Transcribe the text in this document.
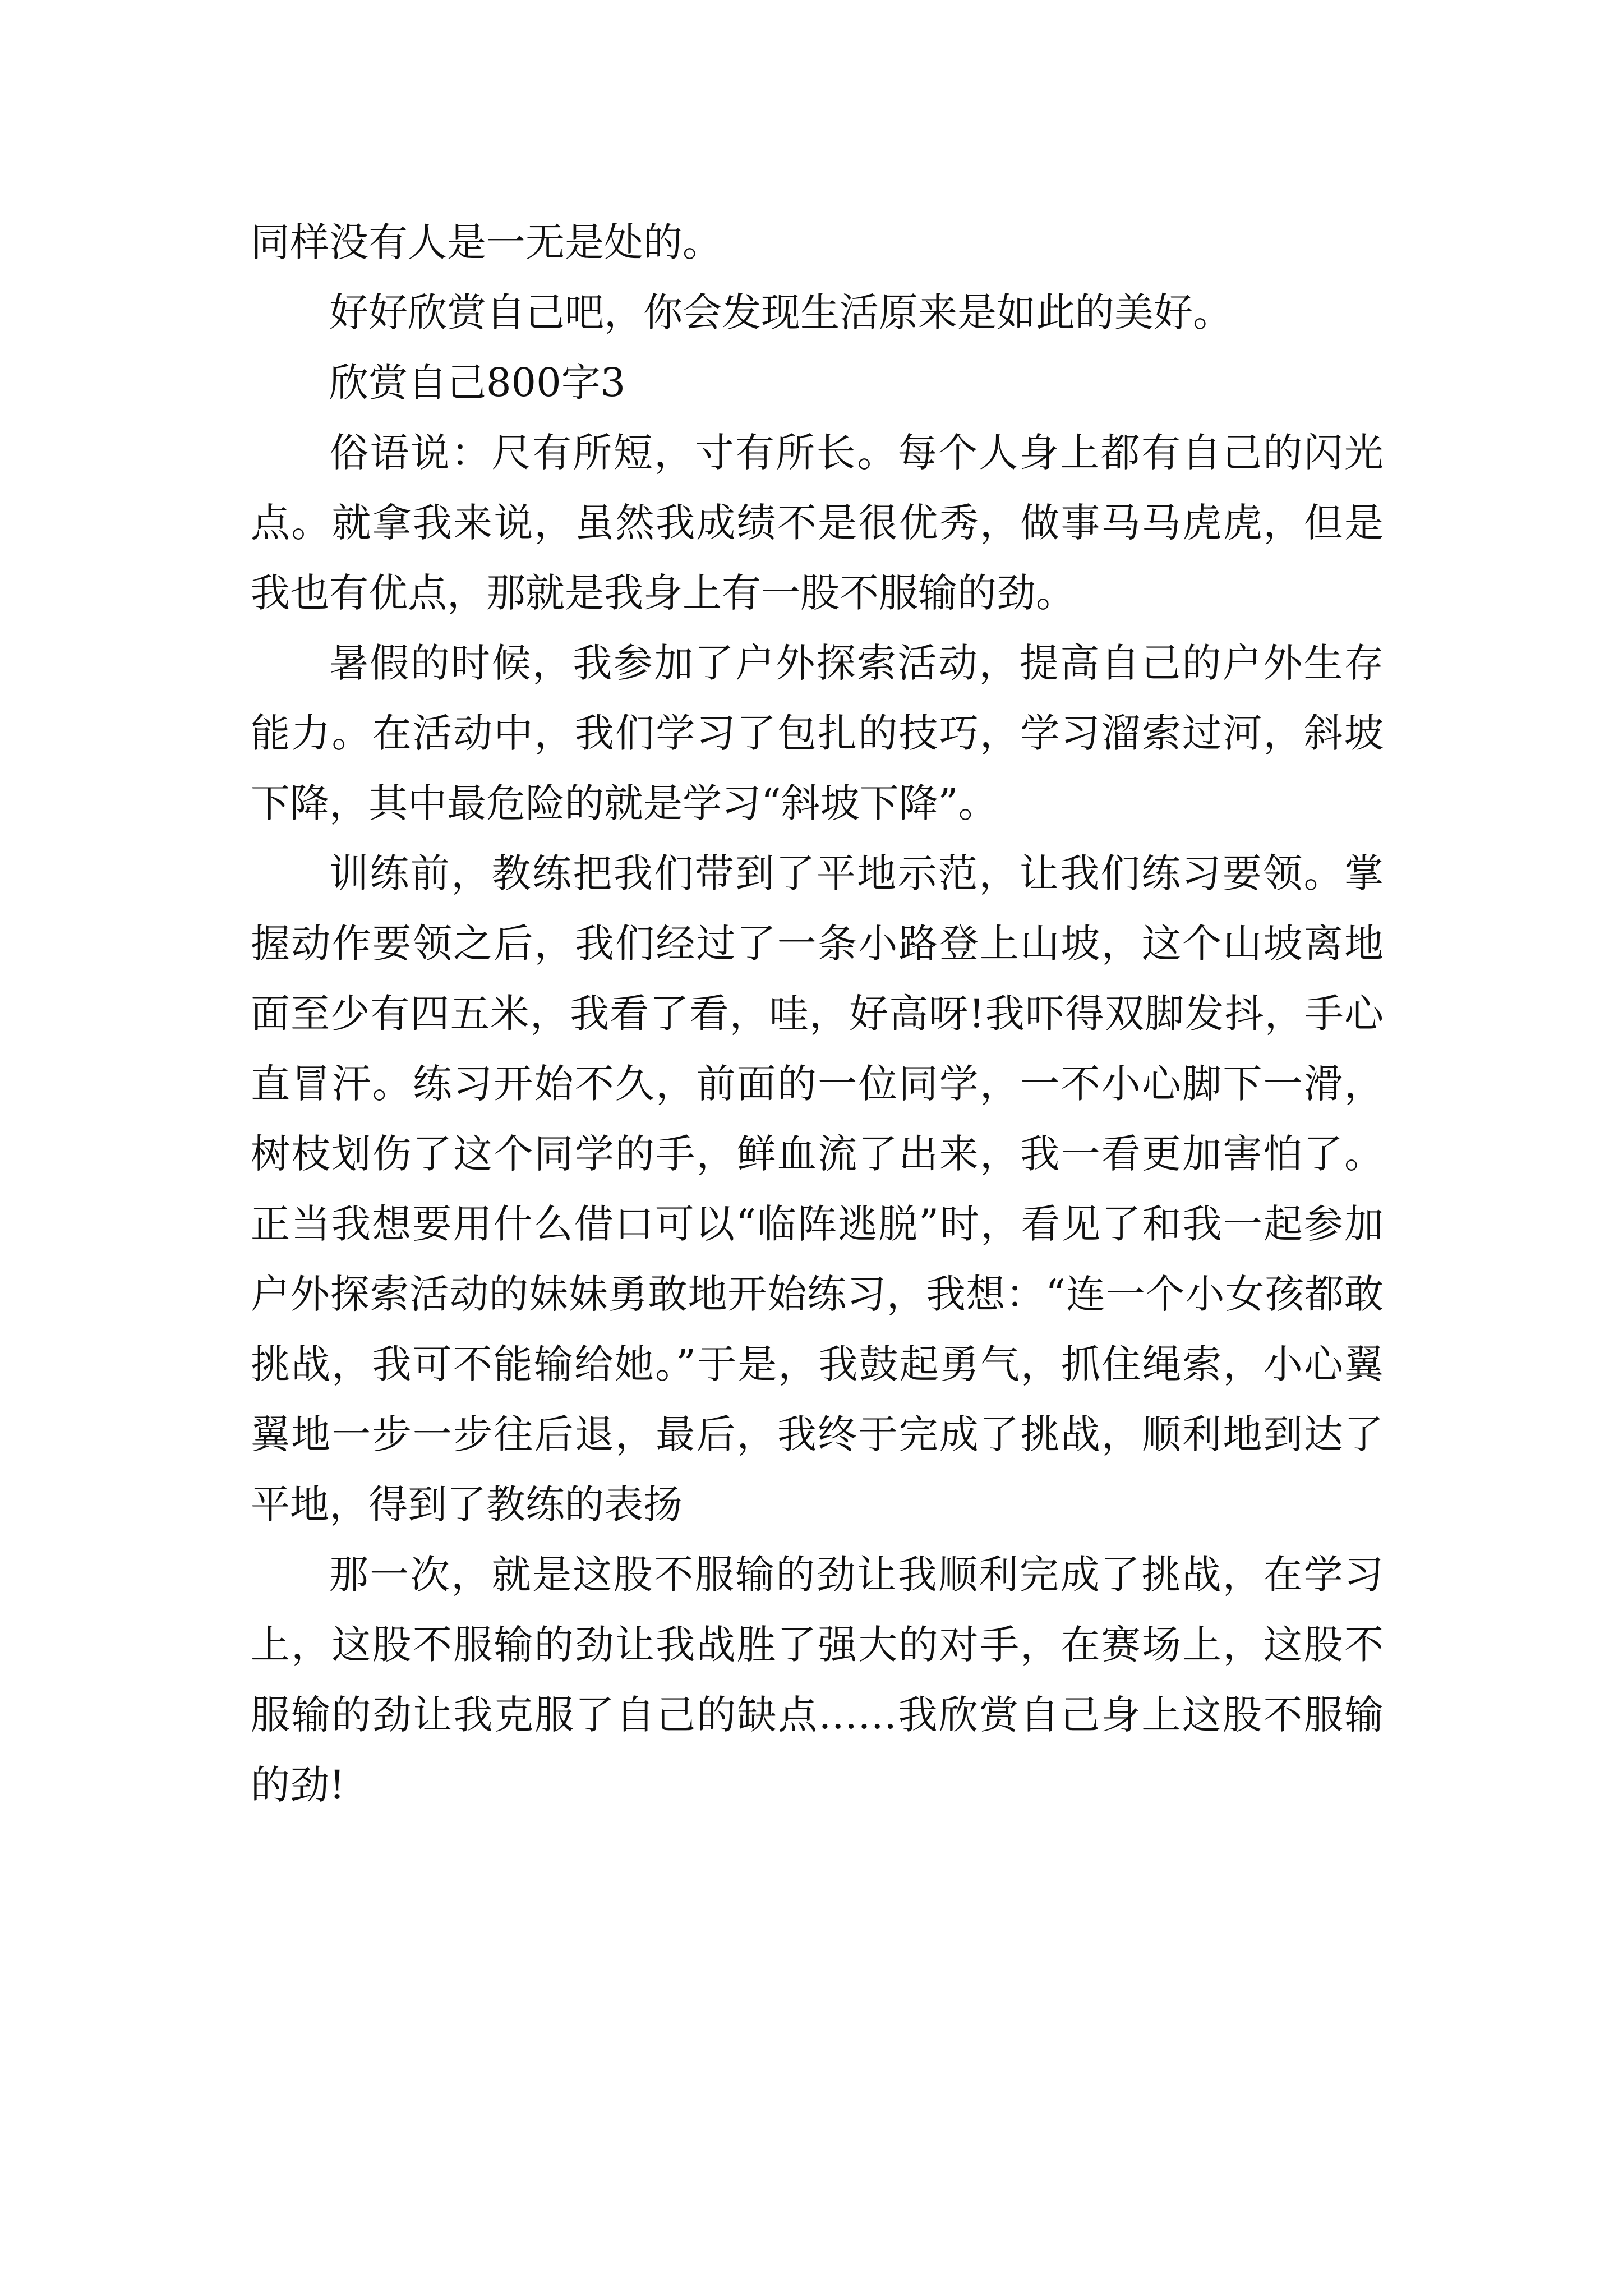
同样没有人是一无是处的。

好好欣赏自己吧，你会发现生活原来是如此的美好。

欣赏自己800字3

俗语说：尺有所短，寸有所长。每个人身上都有自己的闪光点。就拿我来说，虽然我成绩不是很优秀，做事马马虎虎，但是我也有优点，那就是我身上有一股不服输的劲。

暑假的时候，我参加了户外探索活动，提高自己的户外生存能力。在活动中，我们学习了包扎的技巧，学习溜索过河，斜坡下降，其中最危险的就是学习“斜坡下降”。

训练前，教练把我们带到了平地示范，让我们练习要领。掌握动作要领之后，我们经过了一条小路登上山坡，这个山坡离地面至少有四五米，我看了看，哇，好高呀!我吓得双脚发抖，手心直冒汗。练习开始不久，前面的一位同学，一不小心脚下一滑，树枝划伤了这个同学的手，鲜血流了出来，我一看更加害怕了。正当我想要用什么借口可以“临阵逃脱”时，看见了和我一起参加户外探索活动的妹妹勇敢地开始练习，我想：“连一个小女孩都敢挑战，我可不能输给她。”于是，我鼓起勇气，抓住绳索，小心翼翼地一步一步往后退，最后，我终于完成了挑战，顺利地到达了平地，得到了教练的表扬

那一次，就是这股不服输的劲让我顺利完成了挑战，在学习上，这股不服输的劲让我战胜了强大的对手，在赛场上，这股不服输的劲让我克服了自己的缺点……我欣赏自己身上这股不服输的劲!
